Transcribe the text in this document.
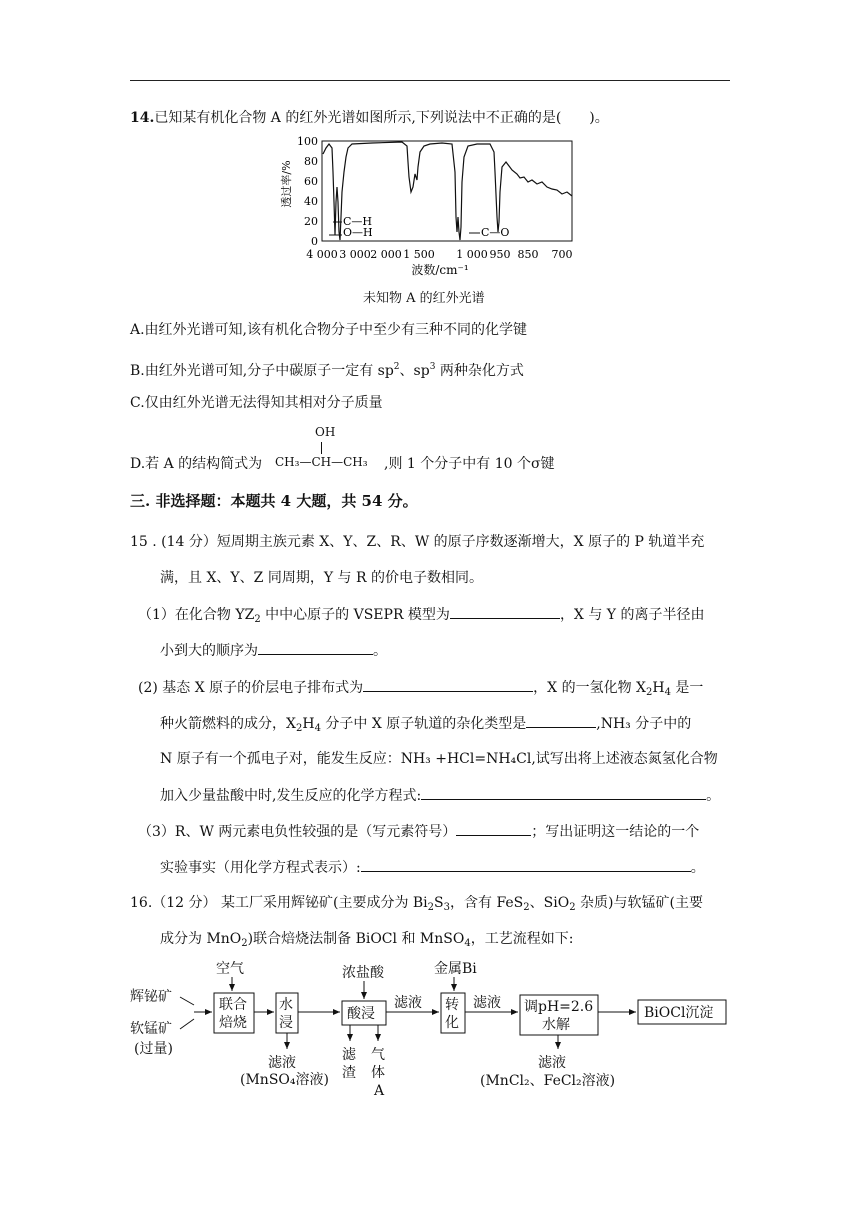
14.已知某有机化合物 A 的红外光谱如图所示,下列说法中不正确的是(　　)。
透过率/%
100
80
60
40
20
0
C—H
O—H	C—O
4 000 3 000 2 000 1 500 1 000 950 850 700
波数/cm⁻¹
未知物 A 的红外光谱
A.由红外光谱可知,该有机化合物分子中至少有三种不同的化学键
B.由红外光谱可知,分子中碳原子一定有 $sp^2$、$sp^3$ 两种杂化方式
C.仅由红外光谱无法得知其相对分子质量
D.若 A 的结构简式为
OH
CH₃—CH—CH₃ ,则 1 个分子中有 10 个σ键
三. 非选择题：本题共 4 大题，共 54 分。
15 . (14 分）短周期主族元素 X、Y、Z、R、W 的原子序数逐渐增大，X 原子的 P 轨道半充
满，且 X、Y、Z 同周期，Y 与 R 的价电子数相同。
（1）在化合物 $YZ_2$ 中中心原子的 VSEPR 模型为	，X 与 Y 的离子半径由
小到大的顺序为	。
(2) 基态 X 原子的价层电子排布式为	，X 的一氢化物 $X_2H_4$ 是一
种火箭燃料的成分，$X_2H_4$ 分子中 X 原子轨道的杂化类型是	,NH₃ 分子中的
N 原子有一个孤电子对，能发生反应：NH₃ +HCl=NH₄Cl,试写出将上述液态氮氢化合物
加入少量盐酸中时,发生反应的化学方程式:	。
（3）R、W 两元素电负性较强的是（写元素符号）	；写出证明这一结论的一个
实验事实（用化学方程式表示）:	。
16.（12 分） 某工厂采用辉铋矿(主要成分为 $Bi_2S_3$，含有 FeS$_2$、SiO$_2$ 杂质)与软锰矿(主要
成分为 MnO$_2$)联合焙烧法制备 BiOCl 和 MnSO$_4$，工艺流程如下:
辉铋矿
软锰矿
(过量)
空气
联合
焙烧
水
浸
滤液
(MnSO₄溶液)
浓盐酸
酸浸
滤
渣
气
体
A
滤液
金属Bi
转
化
滤液 调pH=2.6
水解
滤液
(MnCl₂、FeCl₂溶液)
BiOCl沉淀
